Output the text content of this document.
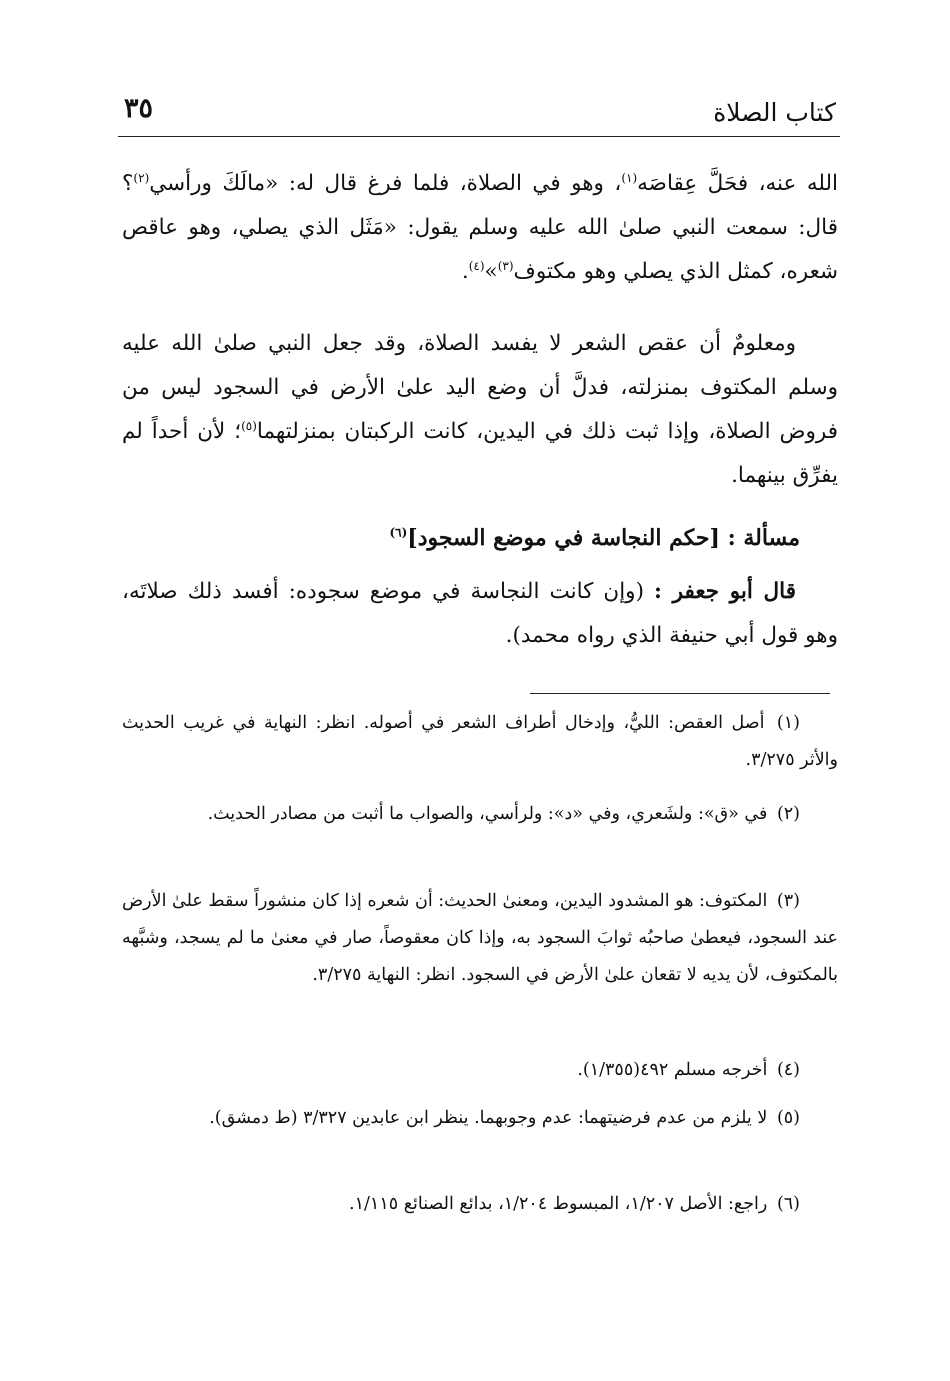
كتاب الصلاة
٣٥

الله عنه، فحَلَّ عِقاصَه$^{(١)}$، وهو في الصلاة، فلما فرغ قال له: «مالَكَ ورأسي$^{(٢)}$؟ قال: سمعت النبي صلىٰ الله عليه وسلم يقول: «مَثَل الذي يصلي، وهو عاقص شعره، كمثل الذي يصلي وهو مكتوف$^{(٣)}$»$^{(٤)}$.

ومعلومٌ أن عقص الشعر لا يفسد الصلاة، وقد جعل النبي صلىٰ الله عليه وسلم المكتوف بمنزلته، فدلَّ أن وضع اليد علىٰ الأرض في السجود ليس من فروض الصلاة، وإذا ثبت ذلك في اليدين، كانت الركبتان بمنزلتهما$^{(٥)}$؛ لأن أحداً لم يفرِّق بينهما.

مسألة : [حكم النجاسة في موضع السجود]$^{(٦)}$

قال أبو جعفر : (وإن كانت النجاسة في موضع سجوده: أفسد ذلك صلاتَه، وهو قول أبي حنيفة الذي رواه محمد).

(١) أصل العقص: الليُّ، وإدخال أطراف الشعر في أصوله. انظر: النهاية في غريب الحديث والأثر ٣/٢٧٥.

(٢) في «ق»: ولشَعري، وفي «د»: ولرأسي، والصواب ما أثبت من مصادر الحديث.

(٣) المكتوف: هو المشدود اليدين، ومعنىٰ الحديث: أن شعره إذا كان منشوراً سقط علىٰ الأرض عند السجود، فيعطىٰ صاحبُه ثوابَ السجود به، وإذا كان معقوصاً، صار في معنىٰ ما لم يسجد، وشبَّهه بالمكتوف، لأن يديه لا تقعان علىٰ الأرض في السجود. انظر: النهاية ٣/٢٧٥.

(٤) أخرجه مسلم ٤٩٢(١/٣٥٥).

(٥) لا يلزم من عدم فرضيتهما: عدم وجوبهما. ينظر ابن عابدين ٣/٣٢٧ (ط دمشق).

(٦) راجع: الأصل ١/٢٠٧، المبسوط ١/٢٠٤، بدائع الصنائع ١/١١٥.
